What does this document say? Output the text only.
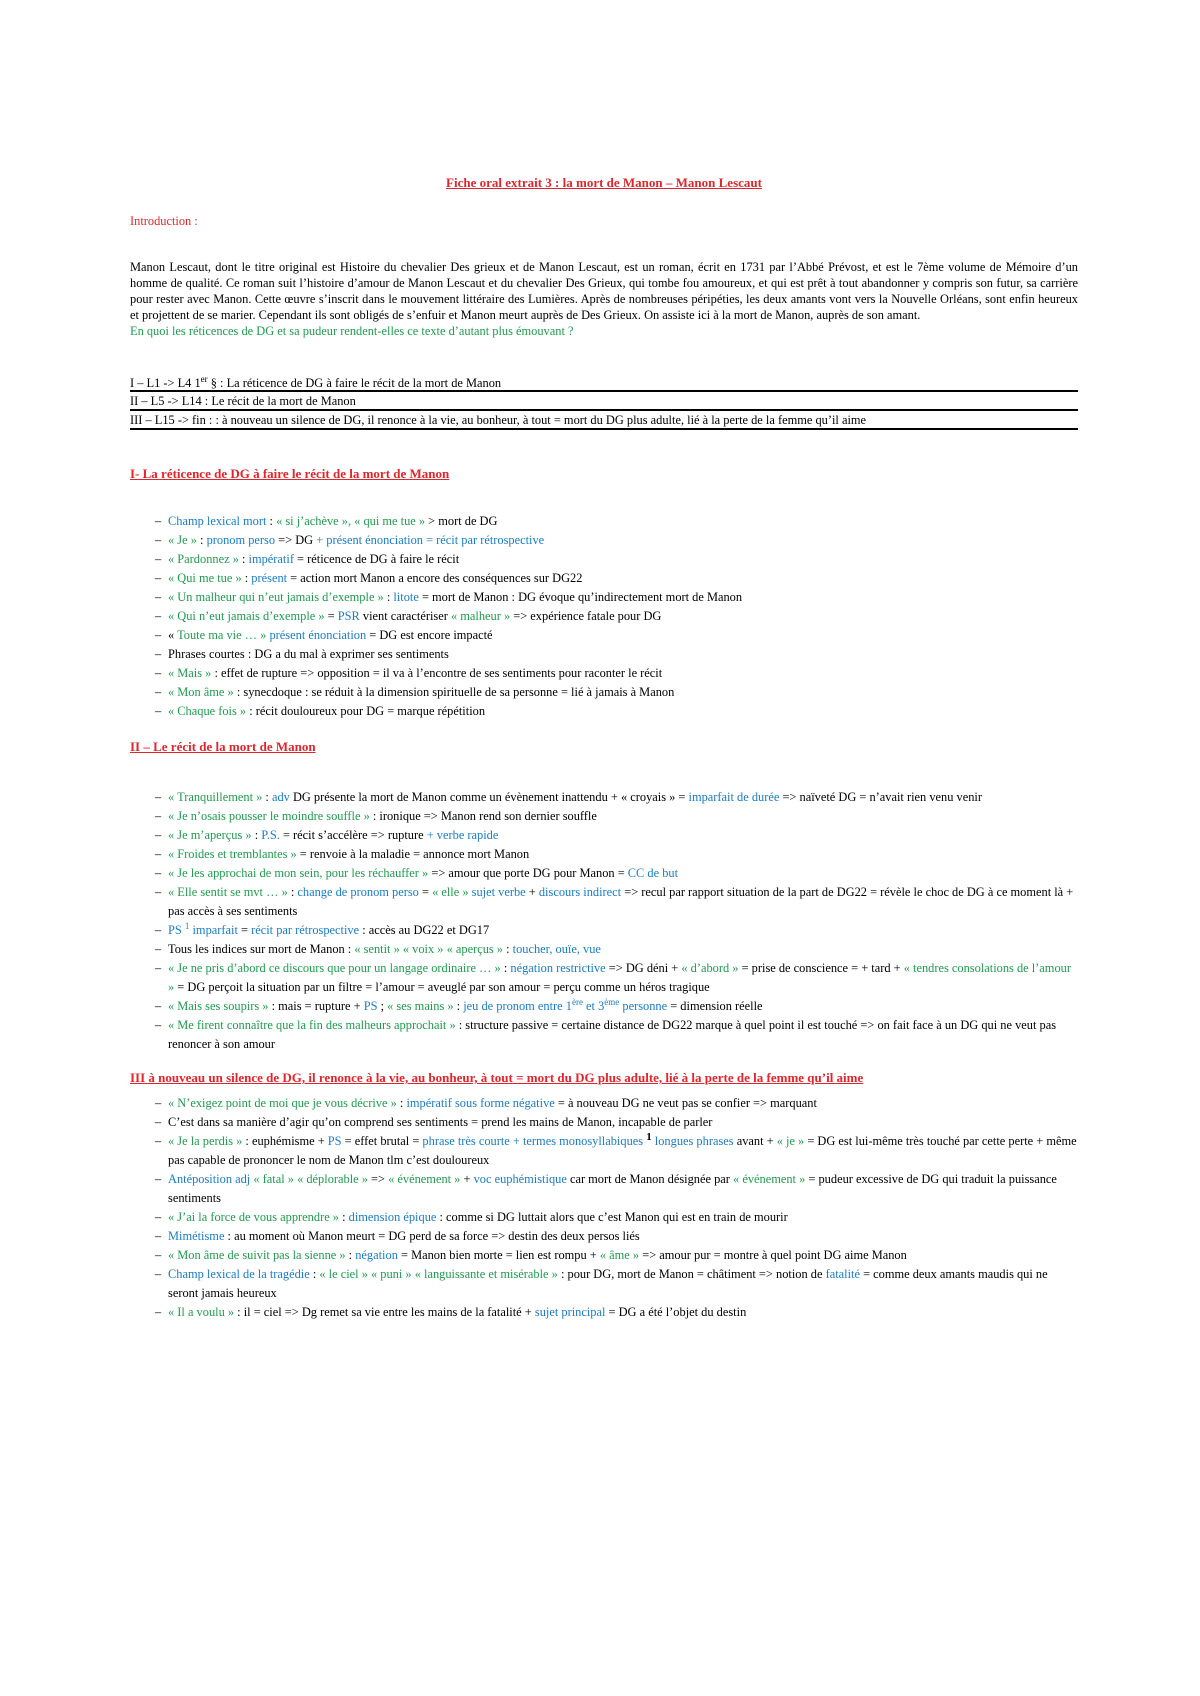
Fiche oral extrait 3 : la mort de Manon – Manon Lescaut

Introduction :

Manon Lescaut, dont le titre original est Histoire du chevalier Des grieux et de Manon Lescaut, est un roman, écrit en 1731 par l’Abbé Prévost, et est le 7ème volume de Mémoire d’un homme de qualité. Ce roman suit l’histoire d’amour de Manon Lescaut et du chevalier Des Grieux, qui tombe fou amoureux, et qui est prêt à tout abandonner y compris son futur, sa carrière pour rester avec Manon. Cette œuvre s’inscrit dans le mouvement littéraire des Lumières. Après de nombreuses péripéties, les deux amants vont vers la Nouvelle Orléans, sont enfin heureux et projettent de se marier. Cependant ils sont obligés de s’enfuir et Manon meurt auprès de Des Grieux. On assiste ici à la mort de Manon, auprès de son amant.

En quoi les réticences de DG et sa pudeur rendent-elles ce texte d’autant plus émouvant ?

I – L1 -> L4 1er § : La réticence de DG à faire le récit de la mort de Manon
II – L5 -> L14 : Le récit de la mort de Manon
III – L15 -> fin : : à nouveau un silence de DG, il renonce à la vie, au bonheur, à tout = mort du DG plus adulte, lié à la perte de la femme qu’il aime

I- La réticence de DG à faire le récit de la mort de Manon

– Champ lexical mort : « si j’achève », « qui me tue » > mort de DG
– « Je » : pronom perso => DG + présent énonciation = récit par rétrospective
– « Pardonnez » : impératif = réticence de DG à faire le récit
– « Qui me tue » : présent = action mort Manon a encore des conséquences sur DG22
– « Un malheur qui n’eut jamais d’exemple » : litote = mort de Manon : DG évoque qu’indirectement mort de Manon
– « Qui n’eut jamais d’exemple » = PSR vient caractériser « malheur » => expérience fatale pour DG
– « Toute ma vie … » présent énonciation = DG est encore impacté
– Phrases courtes : DG a du mal à exprimer ses sentiments
– « Mais » : effet de rupture => opposition = il va à l’encontre de ses sentiments pour raconter le récit
– « Mon âme » : synecdoque : se réduit à la dimension spirituelle de sa personne = lié à jamais à Manon
– « Chaque fois » : récit douloureux pour DG = marque répétition

II – Le récit de la mort de Manon

– « Tranquillement » : adv DG présente la mort de Manon comme un évènement inattendu + « croyais » = imparfait de durée => naïveté DG = n’avait rien venu venir
– « Je n’osais pousser le moindre souffle » : ironique => Manon rend son dernier souffle
– « Je m’aperçus » : P.S. = récit s’accélère => rupture + verbe rapide
– « Froides et tremblantes » = renvoie à la maladie = annonce mort Manon
– « Je les approchai de mon sein, pour les réchauffer » => amour que porte DG pour Manon = CC de but
– « Elle sentit se mvt … » : change de pronom perso = « elle » sujet verbe + discours indirect => recul par rapport situation de la part de DG22 = révèle le choc de DG à ce moment là + pas accès à ses sentiments
– PS $^1$ imparfait = récit par rétrospective : accès au DG22 et DG17
– Tous les indices sur mort de Manon : « sentit » « voix » « aperçus » : toucher, ouïe, vue
– « Je ne pris d’abord ce discours que pour un langage ordinaire … » : négation restrictive => DG déni + « d’abord » = prise de conscience = + tard + « tendres consolations de l’amour » = DG perçoit la situation par un filtre = l’amour = aveuglé par son amour = perçu comme un héros tragique
– « Mais ses soupirs » : mais = rupture + PS ; « ses mains » : jeu de pronom entre 1ère et 3ème personne = dimension réelle
– « Me firent connaître que la fin des malheurs approchait » : structure passive = certaine distance de DG22 marque à quel point il est touché => on fait face à un DG qui ne veut pas renoncer à son amour

III à nouveau un silence de DG, il renonce à la vie, au bonheur, à tout = mort du DG plus adulte, lié à la perte de la femme qu’il aime

– « N’exigez point de moi que je vous décrive » : impératif sous forme négative = à nouveau DG ne veut pas se confier => marquant
– C’est dans sa manière d’agir qu’on comprend ses sentiments = prend les mains de Manon, incapable de parler
– « Je la perdis » : euphémisme + PS = effet brutal = phrase très courte + termes monosyllabiques $^1$ longues phrases avant + « je » = DG est lui-même très touché par cette perte + même pas capable de prononcer le nom de Manon tlm c’est douloureux
– Antéposition adj « fatal » « déplorable » => « événement » + voc euphémistique car mort de Manon désignée par « événement » = pudeur excessive de DG qui traduit la puissance sentiments
– « J’ai la force de vous apprendre » : dimension épique : comme si DG luttait alors que c’est Manon qui est en train de mourir
– Mimétisme : au moment où Manon meurt = DG perd de sa force => destin des deux persos liés
– « Mon âme de suivit pas la sienne » : négation = Manon bien morte = lien est rompu + « âme » => amour pur = montre à quel point DG aime Manon
– Champ lexical de la tragédie : « le ciel » « puni » « languissante et misérable » : pour DG, mort de Manon = châtiment => notion de fatalité = comme deux amants maudis qui ne seront jamais heureux
– « Il a voulu » : il = ciel => Dg remet sa vie entre les mains de la fatalité + sujet principal = DG a été l’objet du destin
